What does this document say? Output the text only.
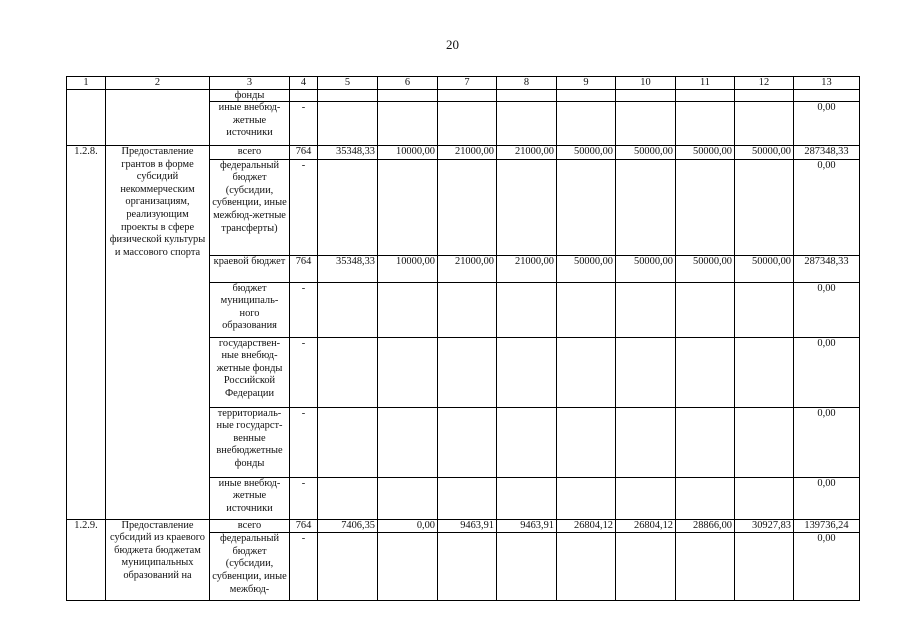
20
1	2	3	4	5	6	7	8	9	10	11	12	13
		фонды										
		иные внебюд-
жетные
источники	-									0,00
1.2.8.	Предоставление грантов в форме субсидий некоммерческим организациям, реализующим проекты в сфере физической культуры и массового спорта	всего	764	35348,33	10000,00	21000,00	21000,00	50000,00	50000,00	50000,00	50000,00	287348,33
		федеральный бюджет (субсидии, субвенции, иные межбюд-жетные трансферты)	-									0,00
		краевой бюджет	764	35348,33	10000,00	21000,00	21000,00	50000,00	50000,00	50000,00	50000,00	287348,33
		бюджет муниципаль-ного образования	-									0,00
		государствен-ные внебюд-жетные фонды Российской Федерации	-									0,00
		территориаль-ные государст-венные внебюджетные фонды	-									0,00
		иные внебюд-жетные источники	-									0,00
1.2.9.	Предоставление субсидий из краевого бюджета бюджетам муниципальных образований на	всего	764	7406,35	0,00	9463,91	9463,91	26804,12	26804,12	28866,00	30927,83	139736,24
		федеральный бюджет (субсидии, субвенции, иные межбюд-	-									0,00
